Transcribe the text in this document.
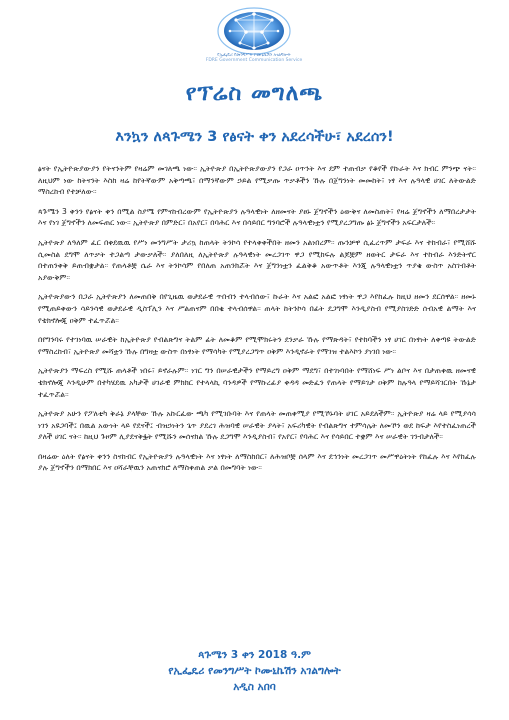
የኢፌዴሪ የመንግሥት ኮሙኒኬሽን አገልግሎት
FDRE Government Communication Service
የፕሬስ መግለጫ
እንኳን ለጳጉሜን 3 የፅናት ቀን አደረሳችሁ፣ አደረሰን!

ፅናት የኢትዮጵያውያን የትናንትም የዛሬም መገለጫ ነው። ኢትዮጵያ በኢትዮጵያውያን የጋራ ዐጥንት እና ደም ተጠብቃ የቆየች የኩራት እና ክብር ምንጭ ናት። ለዚህም ነው ከትናንት እስከ ዛሬ ከየትኛውም አቅጣጫ፣ በማንኛውም ኃይል የሚቃጡ ጥቃቶችን ኹሉ በጀግንነት መመከት፣ ነፃ እና ሉዓላዊ ሀገር ለትውልድ ማስረከብ የተቻለው።

ጳጉሜን 3 ቀንን የፅናት ቀን በሚል ስያሜ የምናከብረውም የኢትዮጵያን ሉዓላዊነት ለዘመናት ያፀኑ ጀግኖችን ዕውቅና ለመስጠት፣ የዛሬ ጀግኖችን ለማበረታታት እና የነገ ጀግኖችን ለመፍጠር ነው። ኢትዮጵያ በምድር፣ በአየር፣ በባሕር እና በሳይበር ግንባሮች ሉዓላዊነቷን የሚያረጋግጡ ፅኑ ጀግኖችን አፍርታለች።

ኢትዮጵያ ለዓለም ፈር በቀደዉዉ የሥነ መንግሥት ታሪኳ ከጠላት ትንኮሳ የተላቀቀችበት ዘመን አልነበረም። ጡንቻዋ ሲፈረጥም ታፍራ እና ተከብራ፣ የሚሸሹ ሲመስል ደግሞ ለጥቃት ተጋልጣ ታውቃለች። ያለበለዚ ለኢትዮጵያ ሉዓላዊነት መረጋገጥ ዋጋ የሚከፍሉ ልጆቿም ዘወትር ታፍራ እና ተከብራ እንድትኖር በተጠንቀቅ ይጠብቋታል። የጠላቶቿ ሴራ እና ትንኮሳም የበለጠ አጠንክሯት እና ጀግንነቷን ፈልቅቆ አውጥቶት እንጂ ሉዓላዊነቷን ጥያቄ ውስጥ አስገብቶት አያውቅም።

ኢትዮጵያውን በጋራ ኢትዮጵያን ለመጠበቅ በየጊዜዉ ወታደራዊ ጥበብን ተላብሰው፣ ኩራት እና አልፎ አልፎ ነፃነት ዋጋ እየከፈሉ ከዚህ ዘመን ደርሰዋል። ዘመኑ የሚጠይቀውን ሳይንሳዊ ወታደራዊ ዲስፕሊን እና ሥልጠናም በበቂ ተላብሰዋል። ጠላት ከትንኮሳ በፊት ደጋግሞ እንዲያስብ የሚያስገድድ ሰብአዊ ልማት እና የቴክኖሎጂ ዐቅም ተፈጥሯል።

በየግንባሩ የተገነባዉ ሠራዊት ከኢትዮጵያ የብልጽግና ትልም ፊት ለመቆም የሚሞክሩትን ደንቃራ ኹሉ የማጽዳት፣ የተከባችን ነፃ ሀገር በነፃነት ለቀጣዩ ትውልድ የማስረከብ፣ ኢትዮጵያ መሻቷን ኹሉ በግዛቷ ውስጥ በነፃነት የማሳካት የሚያረጋግጥ ዐቅም እንዲኖራት የማገዝ ተልእኮን ያነገበ ነው።

ኢትዮጵያን ማፍረስ የሚሹ ጠላቶች ነበሩ፣ ይኖራሉም። ነገር ግን በሠራዊታችን የማይረግ ዐቅም ማደግ፣ በተገነባበት የማሸነፍ ሥነ ልቦና እና በታጠቀዉ ዘመናዊ ቴክኖሎጂ እንዲሁም በተካሄደዉ አካታች ሀገራዊ ምክክር የተላላኪ ባንዳዎች የማኩረፊያ ቀዳዳ መድፈን የጠላት የማይገታ ዐቅም ከሉዓላ የማይሻገርበት ኹኔታ ተፈጥሯል።

ኢትዮጵያ አሁን የፖለቲካ ቅራኔ ያላቸው ኹሉ አኩርፈው ጫካ የሚገቡባት እና የጠላት መጠቀሚያ የሚኾኑባት ሀገር አይደለችም። ኢትዮጵያ ዛሬ ላይ የሚያሳሳ ነገን አዩጋባች፤ በዉል አውነት ላይ የደናች፤ ብዝኃነትን ጌጥ ያደረገ ሕዝባዊ ሠራዊት ያላት፣ አፍሪካዊት የብልጽግና ተምሳሌት ለመኾን ወደ ከፍታ እየተስፈነጠረች ያለች ሀገር ናት። ከዚህ ጉዞም ሊያደናቅፏት የሚሹን መሰናክል ኹሉ ደጋግሞ እንዲያስብ፣ የአየር፣ የባሕር እና የሳይበር ተቋም እና ሠራዊት ገንብታለች።

በዛሬው ዕለት የፅናት ቀንን ስናከብር የኢትዮጵያን ሉዓላዊነት እና ነፃነት ለማስከበር፣ ለሕዝቦቿ ሰላም እና ደኅንነት መረጋገጥ መሥዋዕትነት የከፈሉ እና እየከፈሉ ያሉ ጀግኖችን በማክበር እና ዐሻራቸዉን አጠናክሮ ለማስቀጠል ቃል በመግባት ነው።

ጳጉሜን 3 ቀን 2018 ዓ.ም
የኢፌዴሪ የመንግሥት ኮሙኒኬሽን አገልግሎት
አዲስ አበባ
